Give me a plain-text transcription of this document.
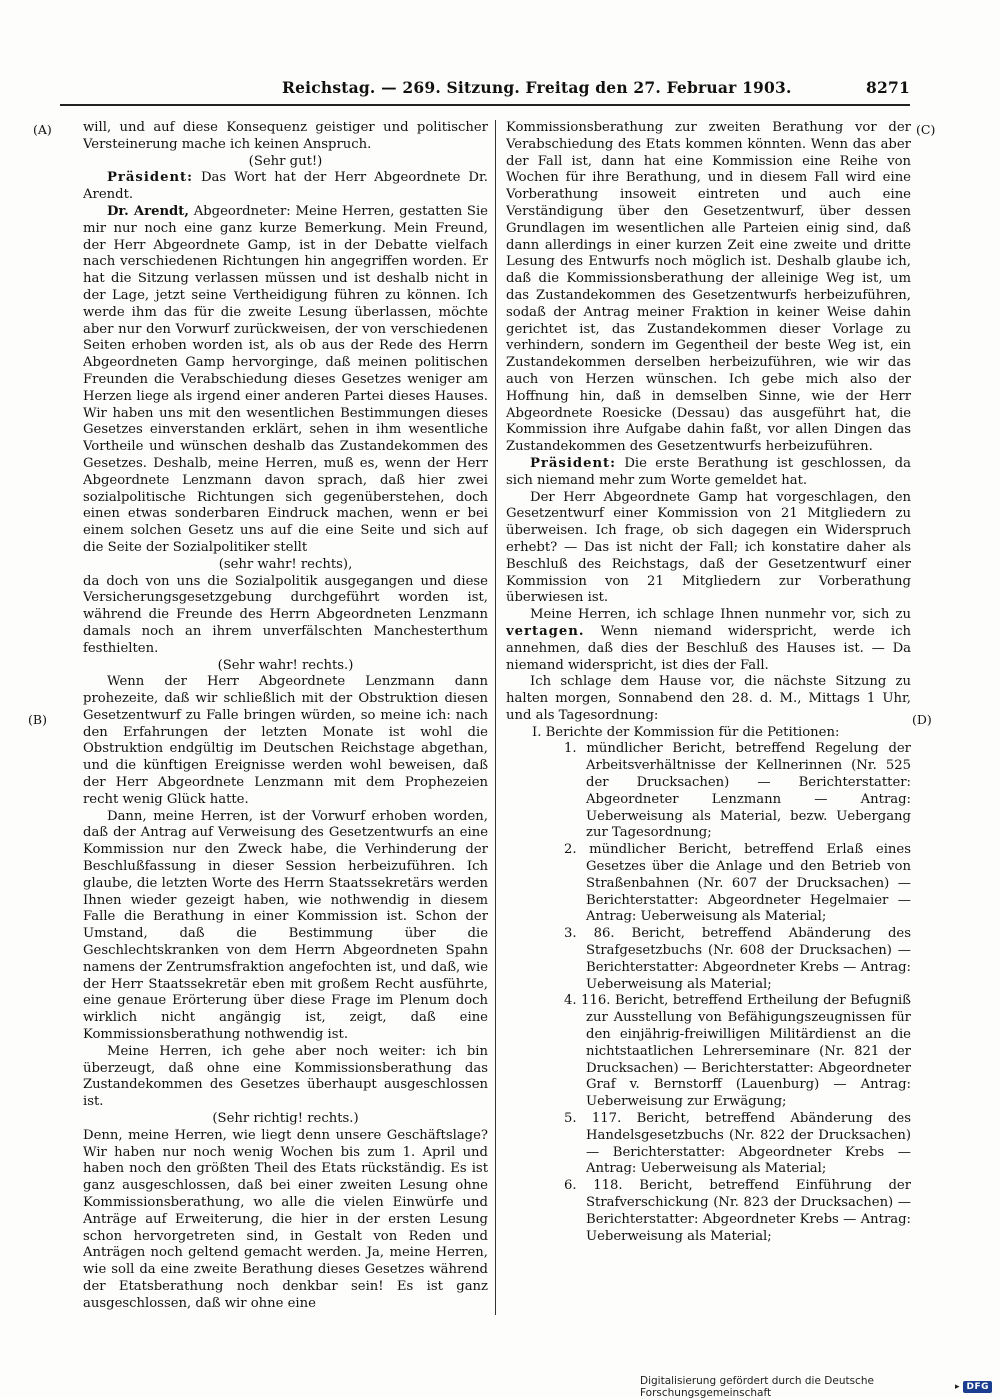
Reichstag. — 269. Sitzung. Freitag den 27. Februar 1903.	8271
(A)
(B)
(C)
(D)

will, und auf diese Konsequenz geistiger und politischer Versteinerung mache ich keinen Anspruch.

(Sehr gut!)

Präsident: Das Wort hat der Herr Abgeordnete Dr. Arendt.

Dr. Arendt, Abgeordneter: Meine Herren, gestatten Sie mir nur noch eine ganz kurze Bemerkung. Mein Freund, der Herr Abgeordnete Gamp, ist in der Debatte vielfach nach verschiedenen Richtungen hin angegriffen worden. Er hat die Sitzung verlassen müssen und ist deshalb nicht in der Lage, jetzt seine Vertheidigung führen zu können. Ich werde ihm das für die zweite Lesung überlassen, möchte aber nur den Vorwurf zurückweisen, der von verschiedenen Seiten erhoben worden ist, als ob aus der Rede des Herrn Abgeordneten Gamp hervorginge, daß meinen politischen Freunden die Verabschiedung dieses Gesetzes weniger am Herzen liege als irgend einer anderen Partei dieses Hauses. Wir haben uns mit den wesentlichen Bestimmungen dieses Gesetzes einverstanden erklärt, sehen in ihm wesentliche Vortheile und wünschen deshalb das Zustandekommen des Gesetzes. Deshalb, meine Herren, muß es, wenn der Herr Abgeordnete Lenzmann davon sprach, daß hier zwei sozialpolitische Richtungen sich gegenüberstehen, doch einen etwas sonderbaren Eindruck machen, wenn er bei einem solchen Gesetz uns auf die eine Seite und sich auf die Seite der Sozialpolitiker stellt

(sehr wahr! rechts),

da doch von uns die Sozialpolitik ausgegangen und diese Versicherungsgesetzgebung durchgeführt worden ist, während die Freunde des Herrn Abgeordneten Lenzmann damals noch an ihrem unverfälschten Manchesterthum festhielten.

(Sehr wahr! rechts.)

Wenn der Herr Abgeordnete Lenzmann dann prohezeite, daß wir schließlich mit der Obstruktion diesen Gesetzentwurf zu Falle bringen würden, so meine ich: nach den Erfahrungen der letzten Monate ist wohl die Obstruktion endgültig im Deutschen Reichstage abgethan, und die künftigen Ereignisse werden wohl beweisen, daß der Herr Abgeordnete Lenzmann mit dem Prophezeien recht wenig Glück hatte.

Dann, meine Herren, ist der Vorwurf erhoben worden, daß der Antrag auf Verweisung des Gesetzentwurfs an eine Kommission nur den Zweck habe, die Verhinderung der Beschlußfassung in dieser Session herbeizuführen. Ich glaube, die letzten Worte des Herrn Staatssekretärs werden Ihnen wieder gezeigt haben, wie nothwendig in diesem Falle die Berathung in einer Kommission ist. Schon der Umstand, daß die Bestimmung über die Geschlechtskranken von dem Herrn Abgeordneten Spahn namens der Zentrumsfraktion angefochten ist, und daß, wie der Herr Staatssekretär eben mit großem Recht ausführte, eine genaue Erörterung über diese Frage im Plenum doch wirklich nicht angängig ist, zeigt, daß eine Kommissionsberathung nothwendig ist.

Meine Herren, ich gehe aber noch weiter: ich bin überzeugt, daß ohne eine Kommissionsberathung das Zustandekommen des Gesetzes überhaupt ausgeschlossen ist.

(Sehr richtig! rechts.)

Denn, meine Herren, wie liegt denn unsere Geschäftslage? Wir haben nur noch wenig Wochen bis zum 1. April und haben noch den größten Theil des Etats rückständig. Es ist ganz ausgeschlossen, daß bei einer zweiten Lesung ohne Kommissionsberathung, wo alle die vielen Einwürfe und Anträge auf Erweiterung, die hier in der ersten Lesung schon hervorgetreten sind, in Gestalt von Reden und Anträgen noch geltend gemacht werden. Ja, meine Herren, wie soll da eine zweite Berathung dieses Gesetzes während der Etatsberathung noch denkbar sein! Es ist ganz ausgeschlossen, daß wir ohne eine

Kommissionsberathung zur zweiten Berathung vor der Verabschiedung des Etats kommen könnten. Wenn das aber der Fall ist, dann hat eine Kommission eine Reihe von Wochen für ihre Berathung, und in diesem Fall wird eine Vorberathung insoweit eintreten und auch eine Verständigung über den Gesetzentwurf, über dessen Grundlagen im wesentlichen alle Parteien einig sind, daß dann allerdings in einer kurzen Zeit eine zweite und dritte Lesung des Entwurfs noch möglich ist. Deshalb glaube ich, daß die Kommissionsberathung der alleinige Weg ist, um das Zustandekommen des Gesetzentwurfs herbeizuführen, sodaß der Antrag meiner Fraktion in keiner Weise dahin gerichtet ist, das Zustandekommen dieser Vorlage zu verhindern, sondern im Gegentheil der beste Weg ist, ein Zustandekommen derselben herbeizuführen, wie wir das auch von Herzen wünschen. Ich gebe mich also der Hoffnung hin, daß in demselben Sinne, wie der Herr Abgeordnete Roesicke (Dessau) das ausgeführt hat, die Kommission ihre Aufgabe dahin faßt, vor allen Dingen das Zustandekommen des Gesetzentwurfs herbeizuführen.

Präsident: Die erste Berathung ist geschlossen, da sich niemand mehr zum Worte gemeldet hat.

Der Herr Abgeordnete Gamp hat vorgeschlagen, den Gesetzentwurf einer Kommission von 21 Mitgliedern zu überweisen. Ich frage, ob sich dagegen ein Widerspruch erhebt? — Das ist nicht der Fall; ich konstatire daher als Beschluß des Reichstags, daß der Gesetzentwurf einer Kommission von 21 Mitgliedern zur Vorberathung überwiesen ist.

Meine Herren, ich schlage Ihnen nunmehr vor, sich zu vertagen. Wenn niemand widerspricht, werde ich annehmen, daß dies der Beschluß des Hauses ist. — Da niemand widerspricht, ist dies der Fall.

Ich schlage dem Hause vor, die nächste Sitzung zu halten morgen, Sonnabend den 28. d. M., Mittags 1 Uhr, und als Tagesordnung:

I. Berichte der Kommission für die Petitionen:

1. mündlicher Bericht, betreffend Regelung der Arbeitsverhältnisse der Kellnerinnen (Nr. 525 der Drucksachen) — Berichterstatter: Abgeordneter Lenzmann — Antrag: Ueberweisung als Material, bezw. Uebergang zur Tagesordnung;

2. mündlicher Bericht, betreffend Erlaß eines Gesetzes über die Anlage und den Betrieb von Straßenbahnen (Nr. 607 der Drucksachen) — Berichterstatter: Abgeordneter Hegelmaier — Antrag: Ueberweisung als Material;

3. 86. Bericht, betreffend Abänderung des Strafgesetzbuchs (Nr. 608 der Drucksachen) — Berichterstatter: Abgeordneter Krebs — Antrag: Ueberweisung als Material;

4. 116. Bericht, betreffend Ertheilung der Befugniß zur Ausstellung von Befähigungszeugnissen für den einjährig-freiwilligen Militärdienst an die nichtstaatlichen Lehrerseminare (Nr. 821 der Drucksachen) — Berichterstatter: Abgeordneter Graf v. Bernstorff (Lauenburg) — Antrag: Ueberweisung zur Erwägung;

5. 117. Bericht, betreffend Abänderung des Handelsgesetzbuchs (Nr. 822 der Drucksachen) — Berichterstatter: Abgeordneter Krebs — Antrag: Ueberweisung als Material;

6. 118. Bericht, betreffend Einführung der Strafverschickung (Nr. 823 der Drucksachen) — Berichterstatter: Abgeordneter Krebs — Antrag: Ueberweisung als Material;

Digitalisierung gefördert durch die Deutsche Forschungsgemeinschaft	▸ DFG
